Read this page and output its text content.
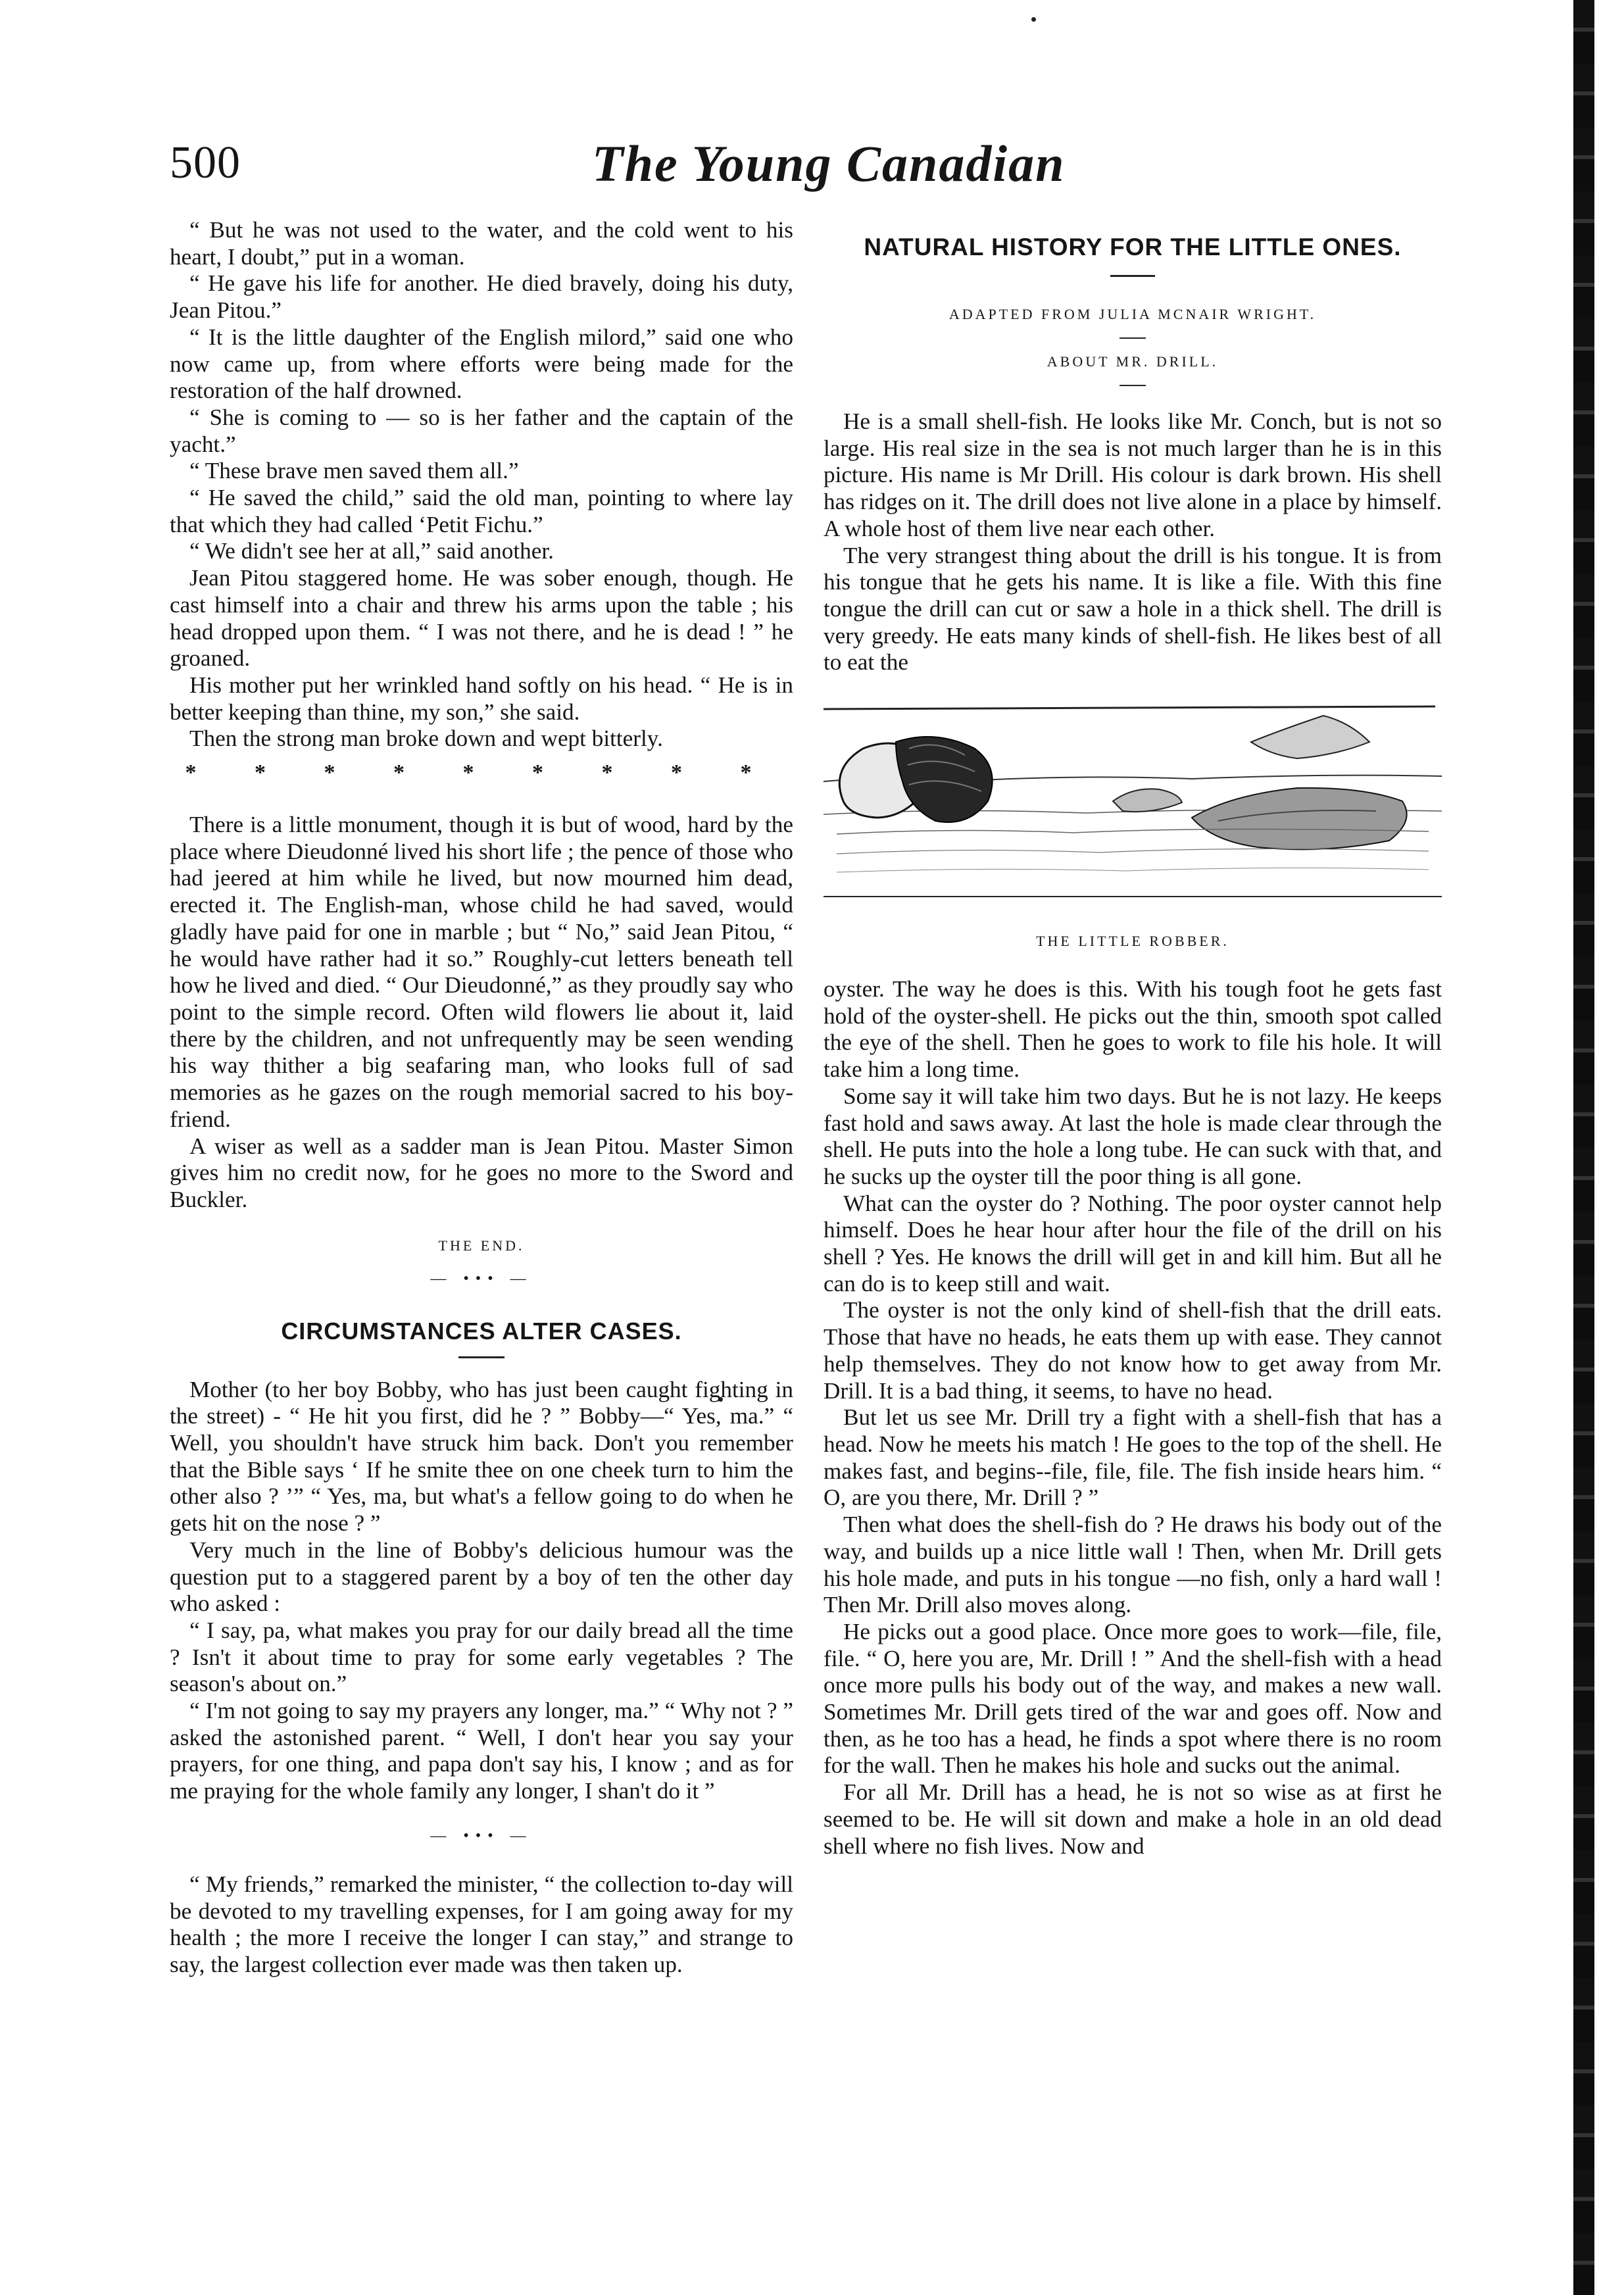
500	The Young Canadian

“ But he was not used to the water, and the cold went to his heart, I doubt,” put in a woman.

“ He gave his life for another. He died bravely, doing his duty, Jean Pitou.”

“ It is the little daughter of the English milord,” said one who now came up, from where efforts were being made for the restoration of the half drowned.

“ She is coming to — so is her father and the captain of the yacht.”

“ These brave men saved them all.”

“ He saved the child,” said the old man, pointing to where lay that which they had called ‘Petit Fichu.”

“ We didn't see her at all,” said another.

Jean Pitou staggered home. He was sober enough, though. He cast himself into a chair and threw his arms upon the table ; his head dropped upon them. “ I was not there, and he is dead ! ” he groaned.

His mother put her wrinkled hand softly on his head. “ He is in better keeping than thine, my son,” she said.

Then the strong man broke down and wept bitterly.

* * * * * * * * *

There is a little monument, though it is but of wood, hard by the place where Dieudonné lived his short life ; the pence of those who had jeered at him while he lived, but now mourned him dead, erected it. The English-man, whose child he had saved, would gladly have paid for one in marble ; but “ No,” said Jean Pitou, “ he would have rather had it so.” Roughly-cut letters beneath tell how he lived and died. “ Our Dieudonné,” as they proudly say who point to the simple record. Often wild flowers lie about it, laid there by the children, and not unfrequently may be seen wending his way thither a big seafaring man, who looks full of sad memories as he gazes on the rough memorial sacred to his boy-friend.

A wiser as well as a sadder man is Jean Pitou. Master Simon gives him no credit now, for he goes no more to the Sword and Buckler.

THE END.
— ••• —
CIRCUMSTANCES ALTER CASES.

Mother (to her boy Bobby, who has just been caught fighting in the street) - “ He hit you first, did he ? ” Bobby—“ Yes, ma.” “ Well, you shouldn't have struck him back. Don't you remember that the Bible says ‘ If he smite thee on one cheek turn to him the other also ? ’” “ Yes, ma, but what's a fellow going to do when he gets hit on the nose ? ”

Very much in the line of Bobby's delicious humour was the question put to a staggered parent by a boy of ten the other day who asked :

“ I say, pa, what makes you pray for our daily bread all the time ? Isn't it about time to pray for some early vegetables ? The season's about on.”

“ I'm not going to say my prayers any longer, ma.” “ Why not ? ” asked the astonished parent. “ Well, I don't hear you say your prayers, for one thing, and papa don't say his, I know ; and as for me praying for the whole family any longer, I shan't do it ”

— ••• —

“ My friends,” remarked the minister, “ the collection to-day will be devoted to my travelling expenses, for I am going away for my health ; the more I receive the longer I can stay,” and strange to say, the largest collection ever made was then taken up.

NATURAL HISTORY FOR THE LITTLE ONES.
ADAPTED FROM JULIA MCNAIR WRIGHT.
ABOUT MR. DRILL.

He is a small shell-fish. He looks like Mr. Conch, but is not so large. His real size in the sea is not much larger than he is in this picture. His name is Mr Drill. His colour is dark brown. His shell has ridges on it. The drill does not live alone in a place by himself. A whole host of them live near each other.

The very strangest thing about the drill is his tongue. It is from his tongue that he gets his name. It is like a file. With this fine tongue the drill can cut or saw a hole in a thick shell. The drill is very greedy. He eats many kinds of shell-fish. He likes best of all to eat the

THE LITTLE ROBBER.

oyster. The way he does is this. With his tough foot he gets fast hold of the oyster-shell. He picks out the thin, smooth spot called the eye of the shell. Then he goes to work to file his hole. It will take him a long time.

Some say it will take him two days. But he is not lazy. He keeps fast hold and saws away. At last the hole is made clear through the shell. He puts into the hole a long tube. He can suck with that, and he sucks up the oyster till the poor thing is all gone.

What can the oyster do ? Nothing. The poor oyster cannot help himself. Does he hear hour after hour the file of the drill on his shell ? Yes. He knows the drill will get in and kill him. But all he can do is to keep still and wait.

The oyster is not the only kind of shell-fish that the drill eats. Those that have no heads, he eats them up with ease. They cannot help themselves. They do not know how to get away from Mr. Drill. It is a bad thing, it seems, to have no head.

But let us see Mr. Drill try a fight with a shell-fish that has a head. Now he meets his match ! He goes to the top of the shell. He makes fast, and begins--file, file, file. The fish inside hears him. “ O, are you there, Mr. Drill ? ”

Then what does the shell-fish do ? He draws his body out of the way, and builds up a nice little wall ! Then, when Mr. Drill gets his hole made, and puts in his tongue —no fish, only a hard wall ! Then Mr. Drill also moves along.

He picks out a good place. Once more goes to work—file, file, file. “ O, here you are, Mr. Drill ! ” And the shell-fish with a head once more pulls his body out of the way, and makes a new wall. Sometimes Mr. Drill gets tired of the war and goes off. Now and then, as he too has a head, he finds a spot where there is no room for the wall. Then he makes his hole and sucks out the animal.

For all Mr. Drill has a head, he is not so wise as at first he seemed to be. He will sit down and make a hole in an old dead shell where no fish lives. Now and
